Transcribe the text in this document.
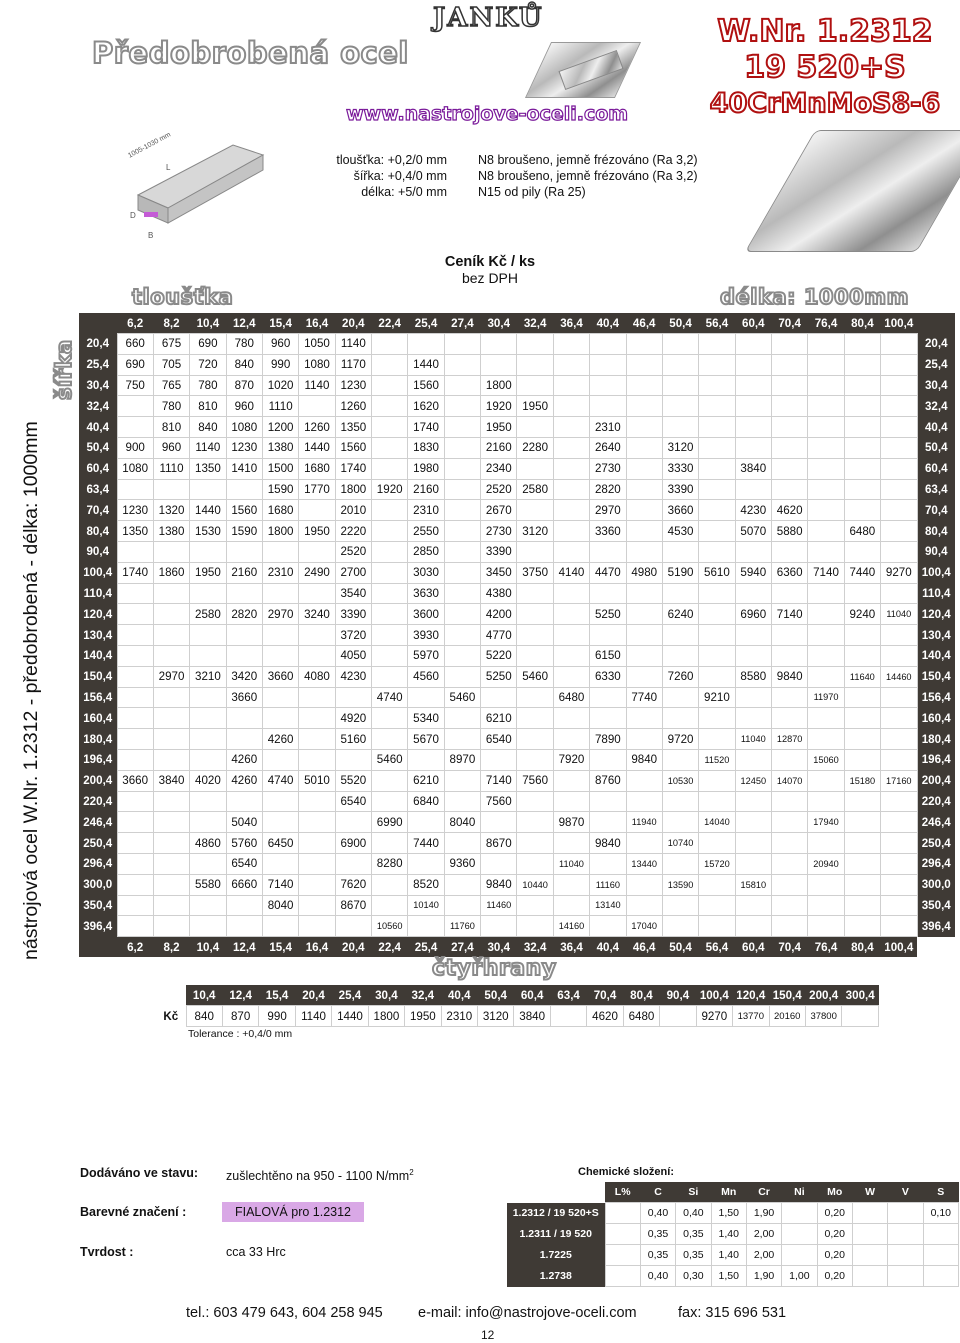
Předobrobená ocel
JANKŮ
www.nastrojove-oceli.com
W.Nr. 1.2312
19 520+S
40CrMnMoS8-6
D
B
L
1005-1030 mm
tloušťka: +0,2/0 mm	N8 broušeno, jemně frézováno (Ra 3,2)
šířka: +0,4/0 mm	N8 broušeno, jemně frézováno (Ra 3,2)
délka: +5/0 mm	N15 od pily (Ra 25)
Ceník Kč / ks
bez DPH
tloušťka	délka: 1000mm
šířka
nástrojová ocel W.Nr. 1.2312 - předobrobená - délka: 1000mm
	6,2	8,2	10,4	12,4	15,4	16,4	20,4	22,4	25,4	27,4	30,4	32,4	36,4	40,4	46,4	50,4	56,4	60,4	70,4	76,4	80,4	100,4	
20,4	660	675	690	780	960	1050	1140																20,4
25,4	690	705	720	840	990	1080	1170		1440														25,4
30,4	750	765	780	870	1020	1140	1230		1560		1800												30,4
32,4		780	810	960	1110		1260		1620		1920	1950											32,4
40,4		810	840	1080	1200	1260	1350		1740		1950			2310									40,4
50,4	900	960	1140	1230	1380	1440	1560		1830		2160	2280		2640		3120							50,4
60,4	1080	1110	1350	1410	1500	1680	1740		1980		2340			2730		3330		3840					60,4
63,4					1590	1770	1800	1920	2160		2520	2580		2820		3390							63,4
70,4	1230	1320	1440	1560	1680		2010		2310		2670			2970		3660		4230	4620				70,4
80,4	1350	1380	1530	1590	1800	1950	2220		2550		2730	3120		3360		4530		5070	5880		6480		80,4
90,4							2520		2850		3390												90,4
100,4	1740	1860	1950	2160	2310	2490	2700		3030		3450	3750	4140	4470	4980	5190	5610	5940	6360	7140	7440	9270	100,4
110,4							3540		3630		4380												110,4
120,4			2580	2820	2970	3240	3390		3600		4200			5250		6240		6960	7140		9240	11040	120,4
130,4							3720		3930		4770												130,4
140,4							4050		5970		5220			6150									140,4
150,4		2970	3210	3420	3660	4080	4230		4560		5250	5460		6330		7260		8580	9840		11640	14460	150,4
156,4				3660				4740		5460			6480		7740		9210			11970			156,4
160,4							4920		5340		6210												160,4
180,4					4260		5160		5670		6540			7890		9720		11040	12870				180,4
196,4				4260				5460		8970			7920		9840		11520			15060			196,4
200,4	3660	3840	4020	4260	4740	5010	5520		6210		7140	7560		8760		10530		12450	14070		15180	17160	200,4
220,4							6540		6840		7560												220,4
246,4				5040				6990		8040			9870		11940		14040			17940			246,4
250,4			4860	5760	6450		6900		7440		8670			9840		10740							250,4
296,4				6540				8280		9360			11040		13440		15720			20940			296,4
300,0			5580	6660	7140		7620		8520		9840	10440		11160		13590		15810					300,0
350,4					8040		8670		10140		11460			13140									350,4
396,4								10560		11760			14160		17040								396,4
	6,2	8,2	10,4	12,4	15,4	16,4	20,4	22,4	25,4	27,4	30,4	32,4	36,4	40,4	46,4	50,4	56,4	60,4	70,4	76,4	80,4	100,4	
čtyřhrany
	10,4	12,4	15,4	20,4	25,4	30,4	32,4	40,4	50,4	60,4	63,4	70,4	80,4	90,4	100,4	120,4	150,4	200,4	300,4
Kč	840	870	990	1140	1440	1800	1950	2310	3120	3840		4620	6480		9270	13770	20160	37800	
Tolerance : +0,4/0 mm
Dodáváno ve stavu: zušlechtěno na 950 - 1100 $N/mm^2$
Barevné značení :	FIALOVÁ pro 1.2312
Tvrdost :	cca 33 Hrc
Chemické složení:
	L%	C	Si	Mn	Cr	Ni	Mo	W	V	S
1.2312 / 19 520+S		0,40	0,40	1,50	1,90		0,20			0,10
1.2311 / 19 520		0,35	0,35	1,40	2,00		0,20			
1.7225		0,35	0,35	1,40	2,00		0,20			
1.2738		0,40	0,30	1,50	1,90	1,00	0,20			
tel.: 603 479 643, 604 258 945 e-mail: info@nastrojove-oceli.com	fax: 315 696 531
12
